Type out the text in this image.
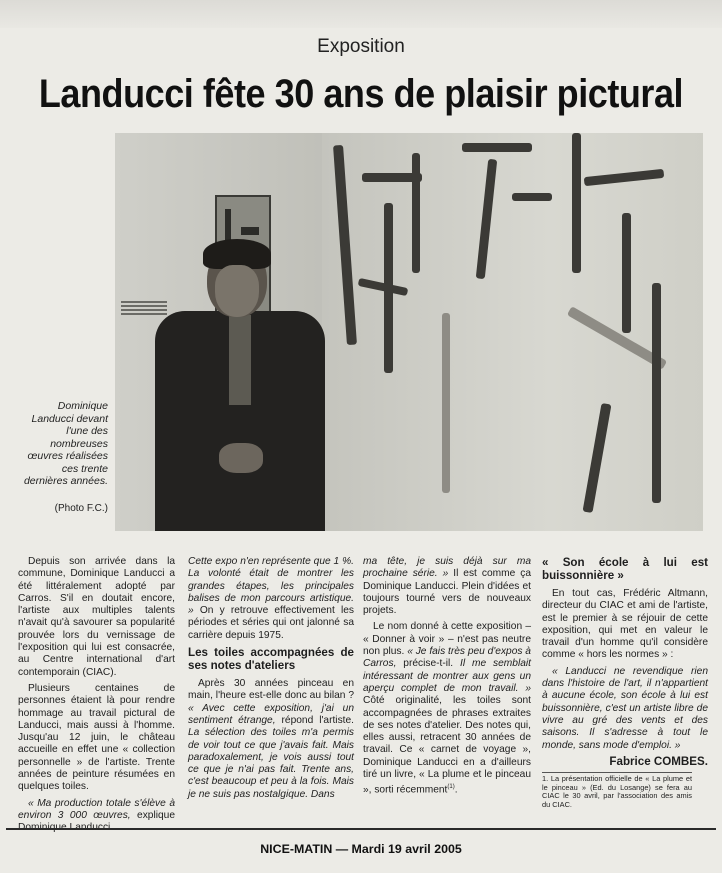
Exposition
Landucci fête 30 ans de plaisir pictural
Dominique
Landucci devant
l'une des
nombreuses
œuvres réalisées
ces trente
dernières années.
(Photo F.C.)

Depuis son arrivée dans la commune, Dominique Landucci a été littéralement adopté par Carros. S'il en doutait encore, l'artiste aux multiples talents n'avait qu'à savourer sa popularité prouvée lors du vernissage de l'exposition qui lui est consacrée, au Centre international d'art contemporain (CIAC).

Plusieurs centaines de personnes étaient là pour rendre hommage au travail pictural de Landucci, mais aussi à l'homme. Jusqu'au 12 juin, le château accueille en effet une « collection personnelle » de l'artiste. Trente années de peinture résumées en quelques toiles.

« Ma production totale s'élève à environ 3 000 œuvres, explique Dominique Landucci.

Cette expo n'en représente que 1 %. La volonté était de montrer les grandes étapes, les principales balises de mon parcours artistique. » On y retrouve effectivement les périodes et séries qui ont jalonné sa carrière depuis 1975.

Les toiles accompagnées de ses notes d'ateliers

Après 30 années pinceau en main, l'heure est-elle donc au bilan ? « Avec cette exposition, j'ai un sentiment étrange, répond l'artiste. La sélection des toiles m'a permis de voir tout ce que j'avais fait. Mais paradoxalement, je vois aussi tout ce que je n'ai pas fait. Trente ans, c'est beaucoup et peu à la fois. Mais je ne suis pas nostalgique. Dans

ma tête, je suis déjà sur ma prochaine série. » Il est comme ça Dominique Landucci. Plein d'idées et toujours tourné vers de nouveaux projets.

Le nom donné à cette exposition – « Donner à voir » – n'est pas neutre non plus. « Je fais très peu d'expos à Carros, précise-t-il. Il me semblait intéressant de montrer aux gens un aperçu complet de mon travail. » Côté originalité, les toiles sont accompagnées de phrases extraites de ses notes d'atelier. Des notes qui, elles aussi, retracent 30 années de travail. Ce « carnet de voyage », Dominique Landucci en a d'ailleurs tiré un livre, « La plume et le pinceau », sorti récemment$^{(1)}$.

« Son école à lui est buissonnière »

En tout cas, Frédéric Altmann, directeur du CIAC et ami de l'artiste, est le premier à se réjouir de cette exposition, qui met en valeur le travail d'un homme qu'il considère comme « hors les normes » :

« Landucci ne revendique rien dans l'histoire de l'art, il n'appartient à aucune école, son école à lui est buissonnière, c'est un artiste libre de vivre au gré des vents et des saisons. Il s'adresse à tout le monde, sans mode d'emploi. »

Fabrice COMBES.
1. La présentation officielle de « La plume et le pinceau » (Ed. du Losange) se fera au CIAC le 30 avril, par l'association des amis du CIAC.
NICE-MATIN — Mardi 19 avril 2005
